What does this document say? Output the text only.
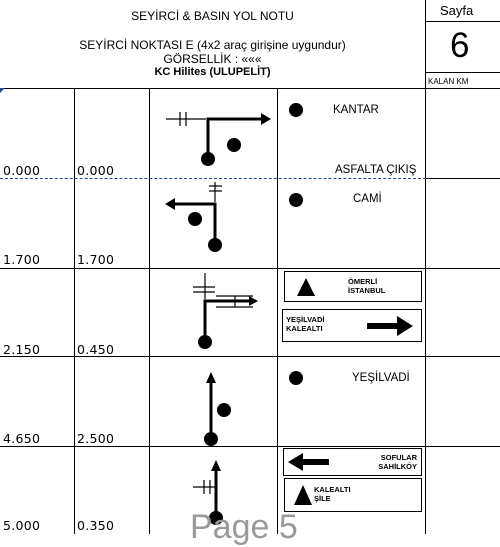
SEYİRCİ & BASIN YOL NOTU
SEYİRCİ NOKTASI E (4x2 araç girişine uygundur)
GÖRSELLİK : «««
KC Hilites (ULUPELİT)
Sayfa
6
KALAN KM
0.000	0.000
KANTAR
ASFALTA ÇIKIŞ
1.700	1.700
CAMİ
2.150	0.450
ÖMERLİ
İSTANBUL
YEŞİLVADİ
KALEALTI
4.650	2.500
YEŞİLVADİ
5.000	0.350
SOFULAR
SAHİLKÖY
KALEALTI
ŞİLE
Page 5
